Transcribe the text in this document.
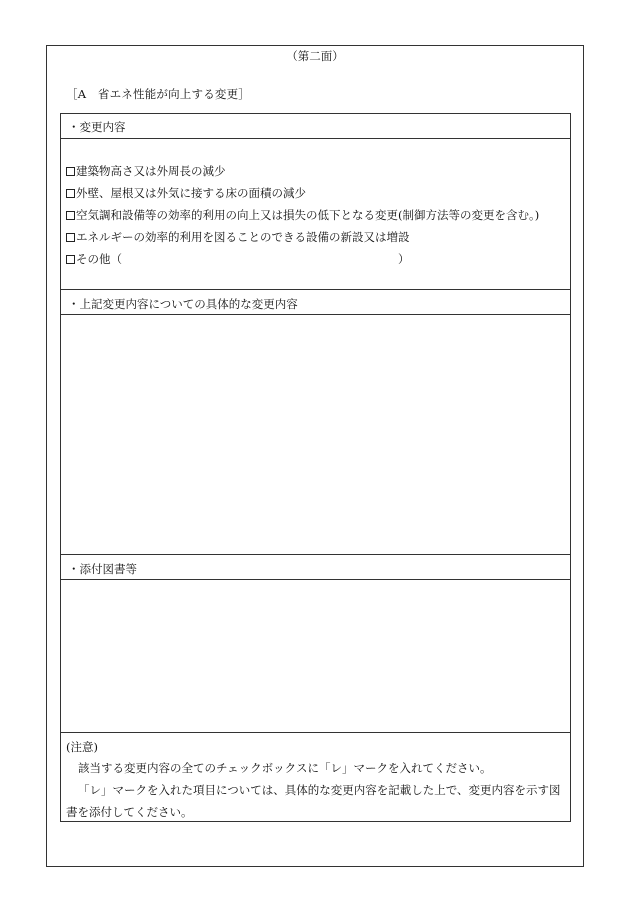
（第二面）
［A　省エネ性能が向上する変更］
・変更内容
建築物高さ又は外周長の減少
外壁、屋根又は外気に接する床の面積の減少
空気調和設備等の効率的利用の向上又は損失の低下となる変更(制御方法等の変更を含む。)
エネルギーの効率的利用を図ることのできる設備の新設又は増設
その他（	）
・上記変更内容についての具体的な変更内容
・添付図書等
(注意)
該当する変更内容の全てのチェックボックスに「レ」マークを入れてください。
「レ」マークを入れた項目については、具体的な変更内容を記載した上で、変更内容を示す図
書を添付してください。
